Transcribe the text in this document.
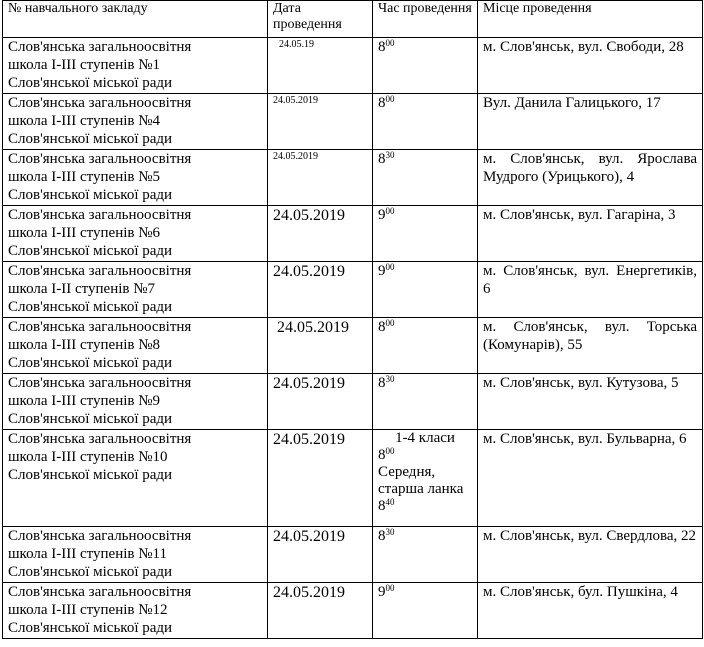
№ навчального закладу	Дата проведення	Час проведення	Місце проведення

Слов'янська загальноосвітня
школа І-ІІІ ступенів №1
Слов'янської міської ради	24.05.19	$8^{00}$	м. Слов'янськ, вул. Свободи, 28

Слов'янська загальноосвітня
школа І-ІІІ ступенів №4
Слов'янської міської ради	24.05.2019	$8^{00}$	Вул. Данила Галицького, 17

Слов'янська загальноосвітня
школа І-ІІІ ступенів №5
Слов'янської міської ради	24.05.2019	$8^{30}$	м. Слов'янськ, вул. Ярослава Мудрого (Урицького), 4

Слов'янська загальноосвітня
школа І-ІІІ ступенів №6
Слов'янської міської ради	24.05.2019	$9^{00}$	м. Слов'янськ, вул. Гагаріна, 3

Слов'янська загальноосвітня
школа І-ІІ ступенів №7
Слов'янської міської ради	24.05.2019	$9^{00}$	м. Слов'янськ, вул. Енергетиків, 6

Слов'янська загальноосвітня
школа І-ІІІ ступенів №8
Слов'янської міської ради	24.05.2019	$8^{00}$	м. Слов'янськ, вул. Торська (Комунарів), 55

Слов'янська загальноосвітня
школа І-ІІІ ступенів №9
Слов'янської міської ради	24.05.2019	$8^{30}$	м. Слов'янськ, вул. Кутузова, 5

Слов'янська загальноосвітня
школа І-ІІІ ступенів №10
Слов'янської міської ради	24.05.2019	1-4 класи
$8^{00}$
Середня, старша ланка
$8^{40}$	м. Слов'янськ, вул. Бульварна, 6

Слов'янська загальноосвітня
школа І-ІІІ ступенів №11
Слов'янської міської ради	24.05.2019	$8^{30}$	м. Слов'янськ, вул. Свердлова, 22

Слов'янська загальноосвітня
школа І-ІІІ ступенів №12
Слов'янської міської ради	24.05.2019	$9^{00}$	м. Слов'янськ, бул. Пушкіна, 4
